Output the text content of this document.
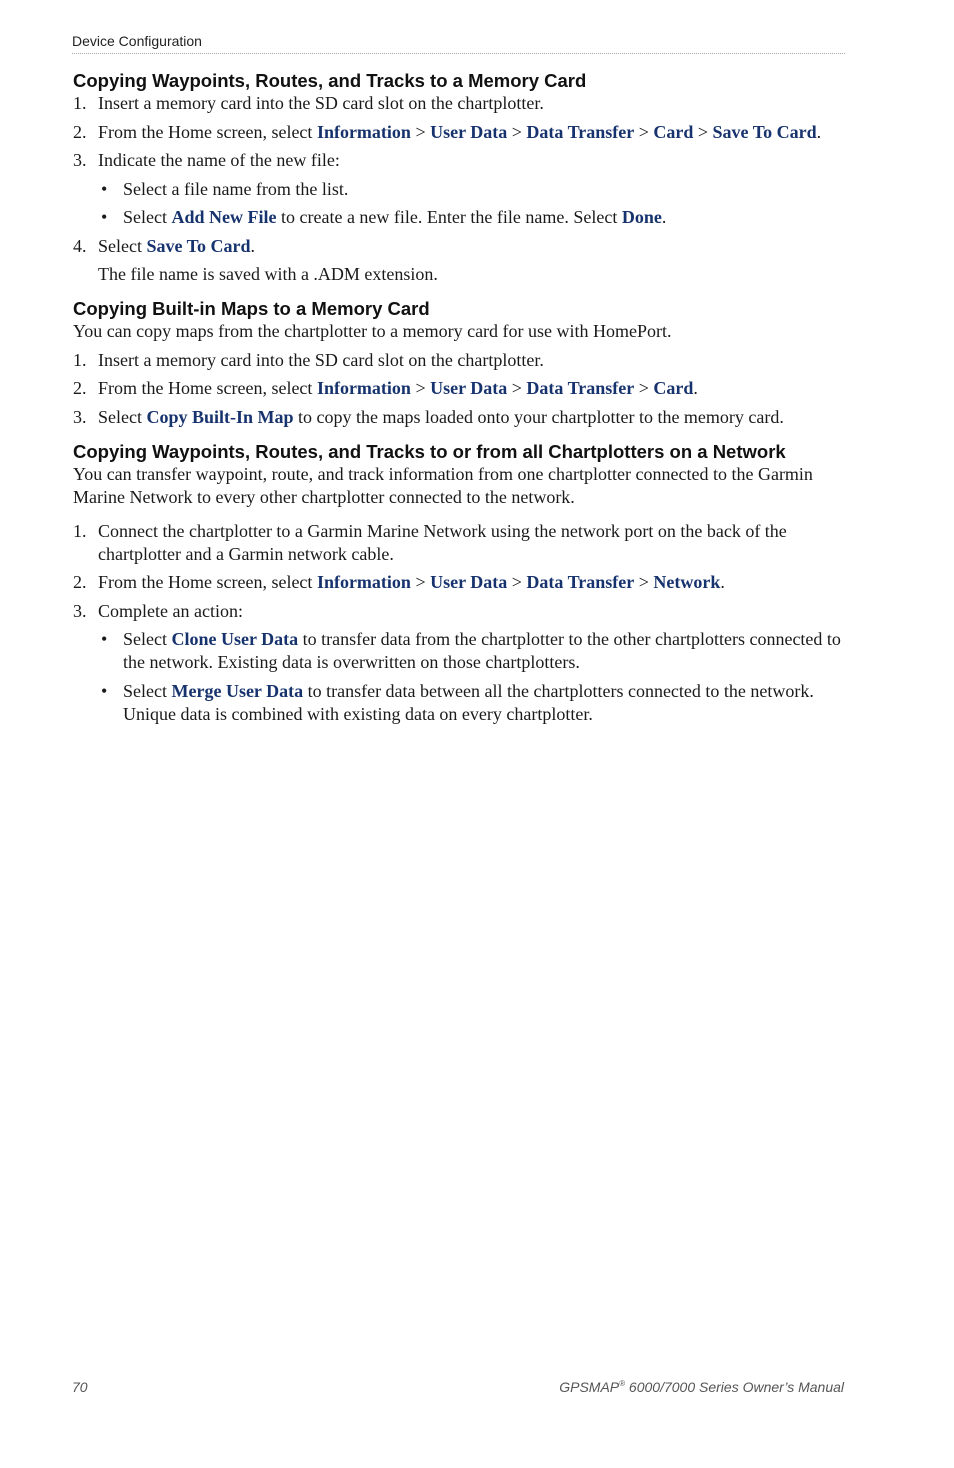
Device Configuration
Copying Waypoints, Routes, and Tracks to a Memory Card
1. Insert a memory card into the SD card slot on the chartplotter.
2. From the Home screen, select Information > User Data > Data Transfer > Card > Save To Card.
3. Indicate the name of the new file:
• Select a file name from the list.
• Select Add New File to create a new file. Enter the file name. Select Done.
4. Select Save To Card.

The file name is saved with a .ADM extension.

Copying Built-in Maps to a Memory Card

You can copy maps from the chartplotter to a memory card for use with HomePort.

1. Insert a memory card into the SD card slot on the chartplotter.
2. From the Home screen, select Information > User Data > Data Transfer > Card.
3. Select Copy Built-In Map to copy the maps loaded onto your chartplotter to the memory card.
Copying Waypoints, Routes, and Tracks to or from all Chartplotters on a Network

You can transfer waypoint, route, and track information from one chartplotter connected to the Garmin Marine Network to every other chartplotter connected to the network.

1. Connect the chartplotter to a Garmin Marine Network using the network port on the back of the chartplotter and a Garmin network cable.
2. From the Home screen, select Information > User Data > Data Transfer > Network.
3. Complete an action:
• Select Clone User Data to transfer data from the chartplotter to the other chartplotters connected to the network. Existing data is overwritten on those chartplotters.
• Select Merge User Data to transfer data between all the chartplotters connected to the network. Unique data is combined with existing data on every chartplotter.
70	GPSMAP® 6000/7000 Series Owner’s Manual
